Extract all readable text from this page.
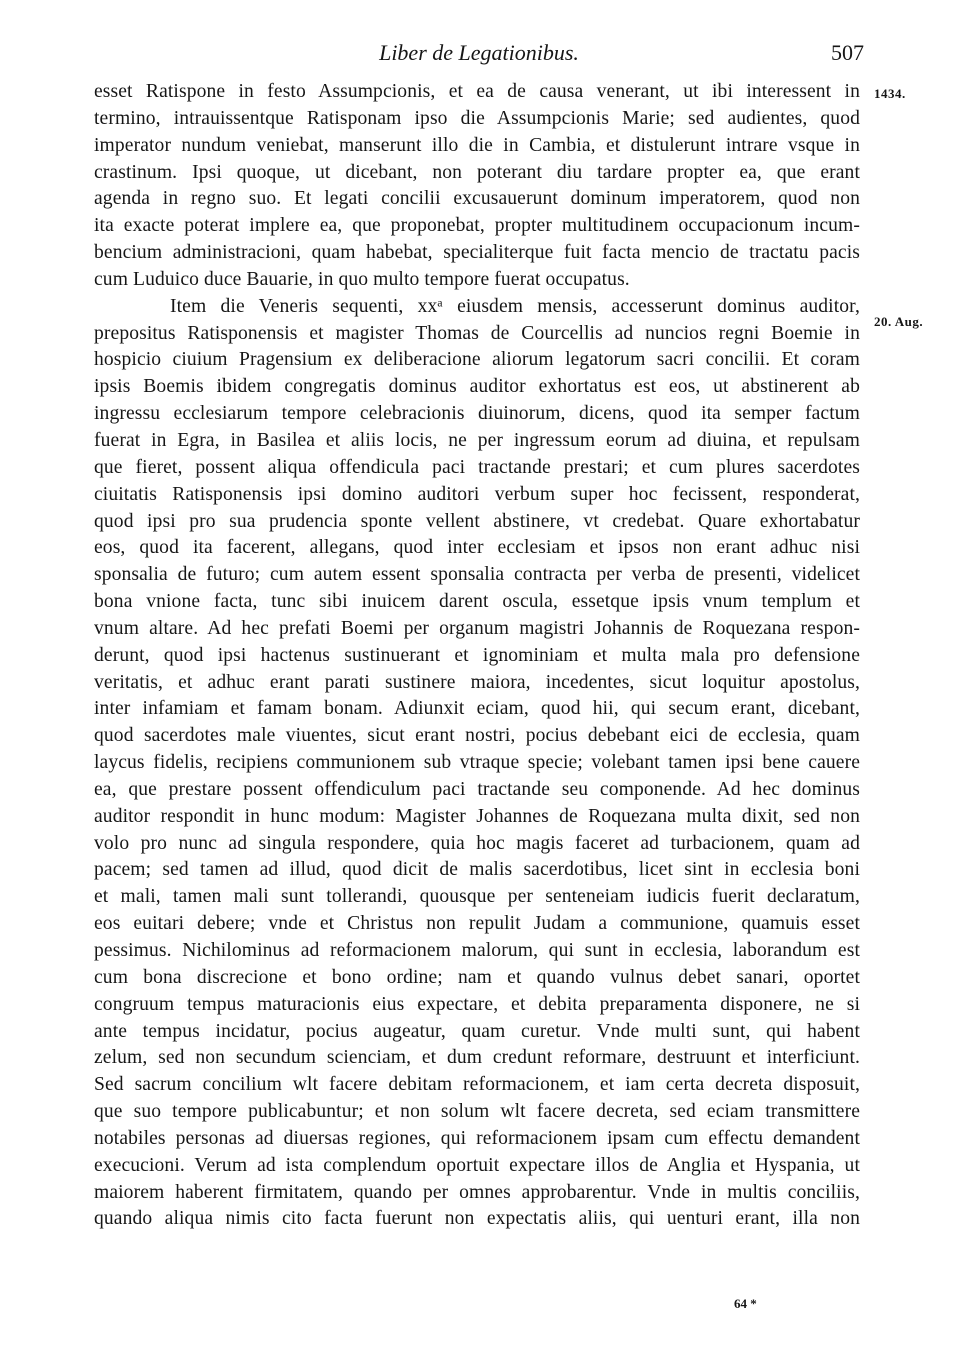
Liber de Legationibus.	507
1434.
20. Aug.
esset Ratispone in festo Assumpcionis, et ea de causa venerant, ut ibi interessent in
termino, intrauissentque Ratisponam ipso die Assumpcionis Marie; sed audientes, quod
imperator nundum veniebat, manserunt illo die in Cambia, et distulerunt intrare vsque in
crastinum. Ipsi quoque, ut dicebant, non poterant diu tardare propter ea, que erant
agenda in regno suo. Et legati concilii excusauerunt dominum imperatorem, quod non
ita exacte poterat implere ea, que proponebat, propter multitudinem occupacionum incum-
bencium administracioni, quam habebat, specialiterque fuit facta mencio de tractatu pacis
cum Luduico duce Bauarie, in quo multo tempore fuerat occupatus.
Item die Veneris sequenti, xxᵃ eiusdem mensis, accesserunt dominus auditor,
prepositus Ratisponensis et magister Thomas de Courcellis ad nuncios regni Boemie in
hospicio ciuium Pragensium ex deliberacione aliorum legatorum sacri concilii. Et coram
ipsis Boemis ibidem congregatis dominus auditor exhortatus est eos, ut abstinerent ab
ingressu ecclesiarum tempore celebracionis diuinorum, dicens, quod ita semper factum
fuerat in Egra, in Basilea et aliis locis, ne per ingressum eorum ad diuina, et repulsam
que fieret, possent aliqua offendicula paci tractande prestari; et cum plures sacerdotes
ciuitatis Ratisponensis ipsi domino auditori verbum super hoc fecissent, responderat,
quod ipsi pro sua prudencia sponte vellent abstinere, vt credebat. Quare exhortabatur
eos, quod ita facerent, allegans, quod inter ecclesiam et ipsos non erant adhuc nisi
sponsalia de futuro; cum autem essent sponsalia contracta per verba de presenti, videlicet
bona vnione facta, tunc sibi inuicem darent oscula, essetque ipsis vnum templum et
vnum altare. Ad hec prefati Boemi per organum magistri Johannis de Roquezana respon-
derunt, quod ipsi hactenus sustinuerant et ignominiam et multa mala pro defensione
veritatis, et adhuc erant parati sustinere maiora, incedentes, sicut loquitur apostolus,
inter infamiam et famam bonam. Adiunxit eciam, quod hii, qui secum erant, dicebant,
quod sacerdotes male viuentes, sicut erant nostri, pocius debebant eici de ecclesia, quam
laycus fidelis, recipiens communionem sub vtraque specie; volebant tamen ipsi bene cauere
ea, que prestare possent offendiculum paci tractande seu componende. Ad hec dominus
auditor respondit in hunc modum: Magister Johannes de Roquezana multa dixit, sed non
volo pro nunc ad singula respondere, quia hoc magis faceret ad turbacionem, quam ad
pacem; sed tamen ad illud, quod dicit de malis sacerdotibus, licet sint in ecclesia boni
et mali, tamen mali sunt tollerandi, quousque per senteneiam iudicis fuerit declaratum,
eos euitari debere; vnde et Christus non repulit Judam a communione, quamuis esset
pessimus. Nichilominus ad reformacionem malorum, qui sunt in ecclesia, laborandum est
cum bona discrecione et bono ordine; nam et quando vulnus debet sanari, oportet
congruum tempus maturacionis eius expectare, et debita preparamenta disponere, ne si
ante tempus incidatur, pocius augeatur, quam curetur. Vnde multi sunt, qui habent
zelum, sed non secundum scienciam, et dum credunt reformare, destruunt et interficiunt.
Sed sacrum concilium wlt facere debitam reformacionem, et iam certa decreta disposuit,
que suo tempore publicabuntur; et non solum wlt facere decreta, sed eciam transmittere
notabiles personas ad diuersas regiones, qui reformacionem ipsam cum effectu demandent
execucioni. Verum ad ista complendum oportuit expectare illos de Anglia et Hyspania, ut
maiorem haberent firmitatem, quando per omnes approbarentur. Vnde in multis conciliis,
quando aliqua nimis cito facta fuerunt non expectatis aliis, qui uenturi erant, illa non
64 *
